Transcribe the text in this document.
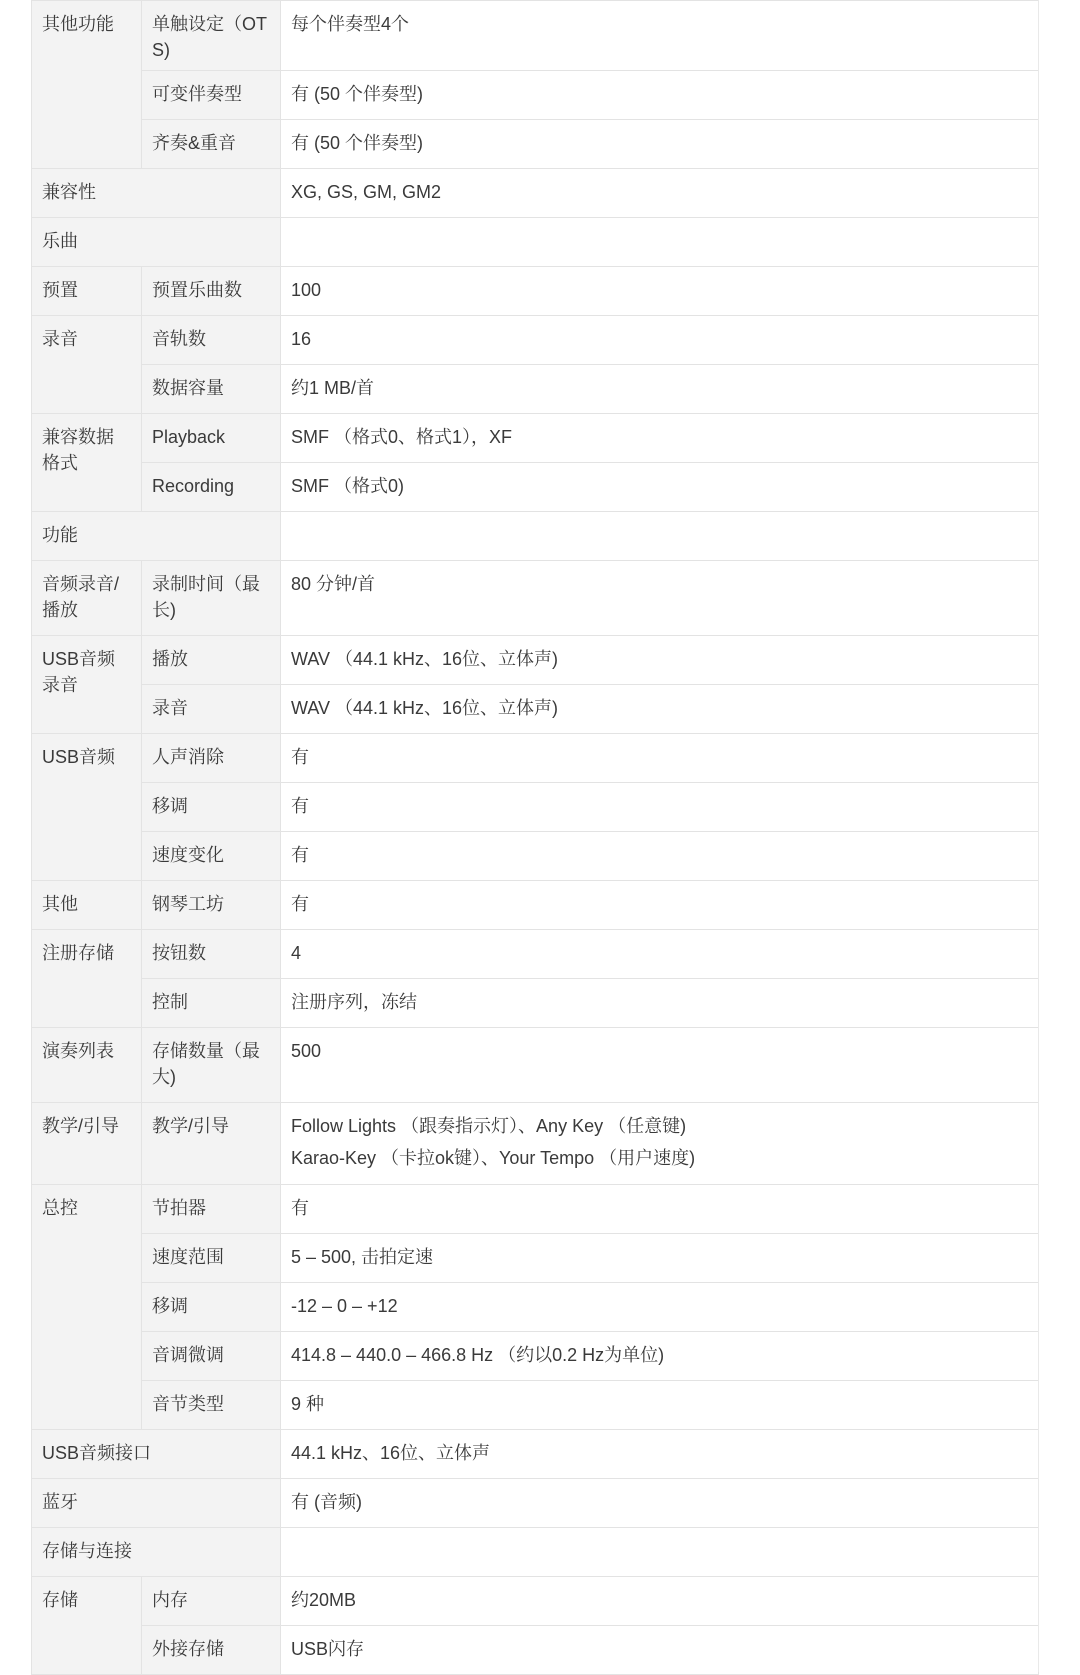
其他功能	单触设定（OTS)	每个伴奏型4个
	可变伴奏型	有 (50 个伴奏型)
	齐奏&重音	有 (50 个伴奏型)
兼容性		XG, GS, GM, GM2
乐曲		
预置	预置乐曲数	100
录音	音轨数	16
	数据容量	约1 MB/首
兼容数据格式	Playback	SMF （格式0、格式1），XF
	Recording	SMF （格式0)
功能		
音频录音/播放	录制时间（最长)	80 分钟/首
USB音频录音	播放	WAV （44.1 kHz、16位、立体声)
	录音	WAV （44.1 kHz、16位、立体声)
USB音频	人声消除	有
	移调	有
	速度变化	有
其他	钢琴工坊	有
注册存储	按钮数	4
	控制	注册序列，冻结
演奏列表	存储数量（最大)	500
教学/引导	教学/引导	Follow Lights （跟奏指示灯）、Any Key （任意键)
Karao-Key （卡拉ok键）、Your Tempo （用户速度)

总控	节拍器	有
	速度范围	5 – 500, 击拍定速
	移调	-12 – 0 – +12
	音调微调	414.8 – 440.0 – 466.8 Hz （约以0.2 Hz为单位)
	音节类型	9 种
USB音频接口		44.1 kHz、16位、立体声
蓝牙		有 (音频)
存储与连接		
存储	内存	约20MB
	外接存储	USB闪存
